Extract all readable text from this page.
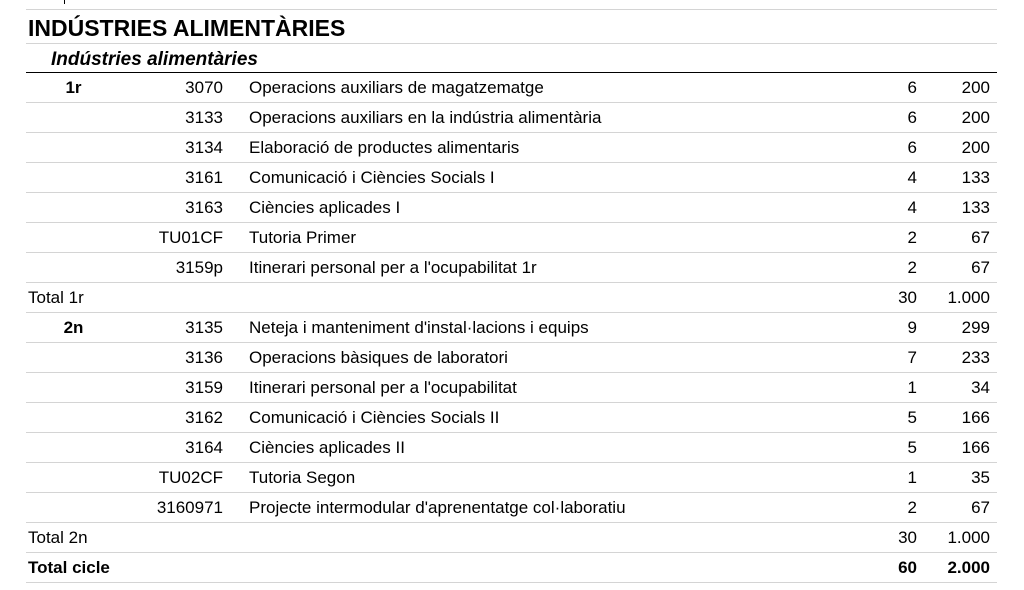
INDÚSTRIES ALIMENTÀRIES
Indústries alimentàries
1r	3070	Operacions auxiliars de magatzematge	6	200
	3133	Operacions auxiliars en la indústria alimentària	6	200
	3134	Elaboració de productes alimentaris	6	200
	3161	Comunicació i Ciències Socials I	4	133
	3163	Ciències aplicades I	4	133
	TU01CF	Tutoria Primer	2	67
	3159p	Itinerari personal per a l'ocupabilitat 1r	2	67
Total 1r			30	1.000
2n	3135	Neteja i manteniment d'instal·lacions i equips	9	299
	3136	Operacions bàsiques de laboratori	7	233
	3159	Itinerari personal per a l'ocupabilitat	1	34
	3162	Comunicació i Ciències Socials II	5	166
	3164	Ciències aplicades II	5	166
	TU02CF	Tutoria Segon	1	35
	3160971	Projecte intermodular d'aprenentatge col·laboratiu	2	67
Total 2n			30	1.000
Total cicle			60	2.000
